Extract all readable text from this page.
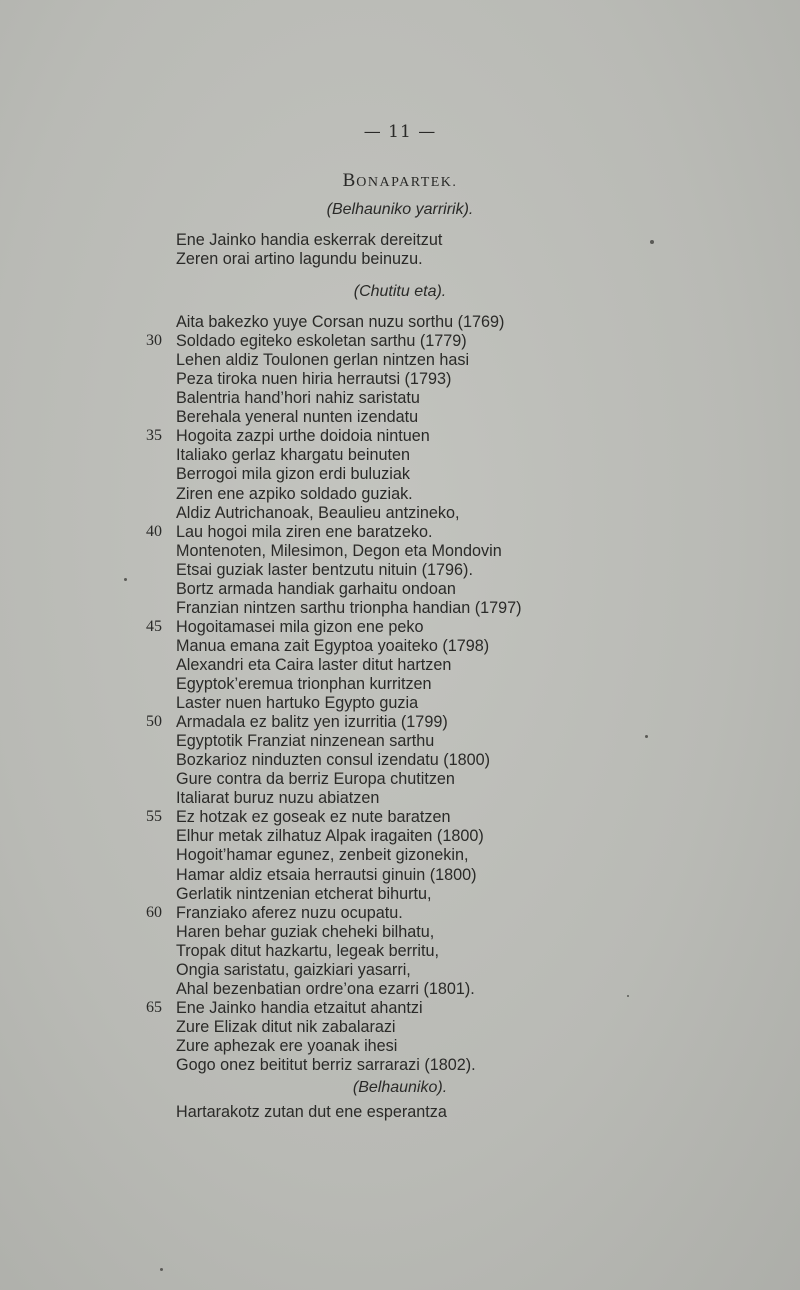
— 11 —
BONAPARTEK.
(Belhauniko yarririk).
Ene Jainko handia eskerrak dereitzut
Zeren orai artino lagundu beinuzu.
(Chutitu eta).
Aita bakezko yuye Corsan nuzu sorthu (1769)
30 Soldado egiteko eskoletan sarthu (1779)
Lehen aldiz Toulonen gerlan nintzen hasi
Peza tiroka nuen hiria herrautsi (1793)
Balentria hand’hori nahiz saristatu
Berehala yeneral nunten izendatu
35 Hogoita zazpi urthe doidoia nintuen
Italiako gerlaz khargatu beinuten
Berrogoi mila gizon erdi buluziak
Ziren ene azpiko soldado guziak.
Aldiz Autrichanoak, Beaulieu antzineko,
40 Lau hogoi mila ziren ene baratzeko.
Montenoten, Milesimon, Degon eta Mondovin
Etsai guziak laster bentzutu nituin (1796).
Bortz armada handiak garhaitu ondoan
Franzian nintzen sarthu trionpha handian (1797)
45 Hogoitamasei mila gizon ene peko
Manua emana zait Egyptoa yoaiteko (1798)
Alexandri eta Caira laster ditut hartzen
Egyptok’eremua trionphan kurritzen
Laster nuen hartuko Egypto guzia
50 Armadala ez balitz yen izurritia (1799)
Egyptotik Franziat ninzenean sarthu
Bozkarioz ninduzten consul izendatu (1800)
Gure contra da berriz Europa chutitzen
Italiarat buruz nuzu abiatzen
55 Ez hotzak ez goseak ez nute baratzen
Elhur metak zilhatuz Alpak iragaiten (1800)
Hogoit’hamar egunez, zenbeit gizonekin,
Hamar aldiz etsaia herrautsi ginuin (1800)
Gerlatik nintzenian etcherat bihurtu,
60 Franziako aferez nuzu ocupatu.
Haren behar guziak cheheki bilhatu,
Tropak ditut hazkartu, legeak berritu,
Ongia saristatu, gaizkiari yasarri,
Ahal bezenbatian ordre’ona ezarri (1801).
65 Ene Jainko handia etzaitut ahantzi
Zure Elizak ditut nik zabalarazi
Zure aphezak ere yoanak ihesi
Gogo onez beititut berriz sarrarazi (1802).
(Belhauniko).
Hartarakotz zutan dut ene esperantza
